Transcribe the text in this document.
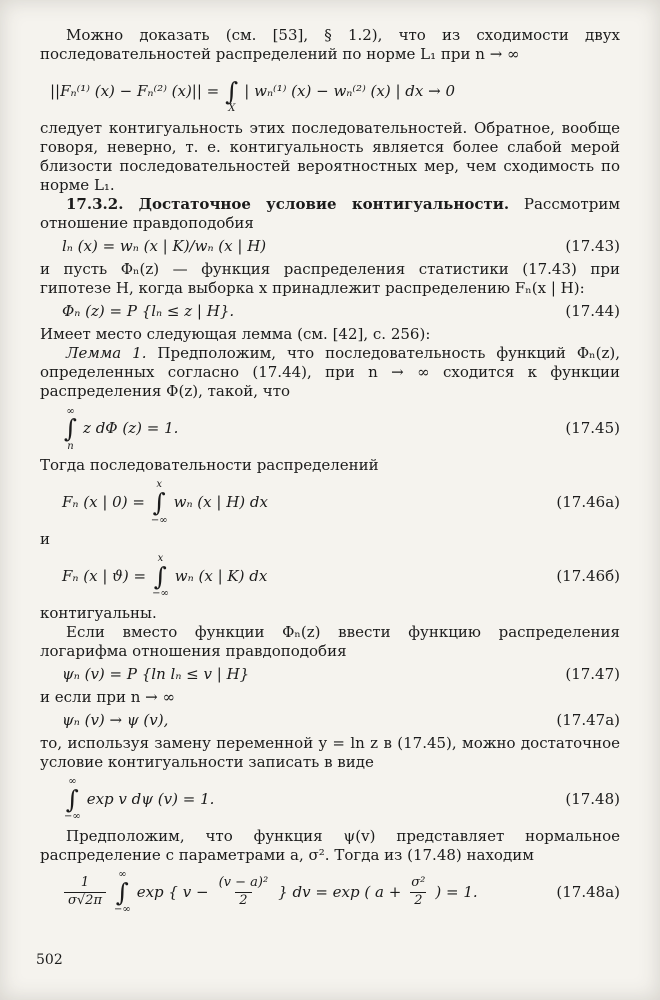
Можно доказать (см. [53], § 1.2), что из сходимости двух последовательностей распределений по норме L₁ при n → ∞

||Fₙ⁽¹⁾ (x) − Fₙ⁽²⁾ (x)|| =
∫
X
| wₙ⁽¹⁾ (x) − wₙ⁽²⁾ (x) | dx → 0

следует контигуальность этих последовательностей. Обратное, вообще говоря, неверно, т. е. контигуальность является более слабой мерой близости последовательностей вероятностных мер, чем сходимость по норме L₁.

17.3.2. Достаточное условие контигуальности. Рассмотрим отношение правдоподобия

lₙ (x) = wₙ (x | K)/wₙ (x | H)	(17.43)

и пусть Φₙ(z) — функция распределения статистики (17.43) при гипотезе H, когда выборка x принадлежит распределению Fₙ(x | H):

Φₙ (z) = P {lₙ ≤ z | H}.	(17.44)

Имеет место следующая лемма (см. [42], с. 256):

Лемма 1. Предположим, что последовательность функций Φₙ(z), определенных согласно (17.44), при n → ∞ сходится к функции распределения Φ(z), такой, что

∞
∫
n
z dΦ (z) = 1.	(17.45)

Тогда последовательности распределений

Fₙ (x | 0) =
x
∫
−∞
wₙ (x | H) dx	(17.46а)

и

Fₙ (x | ϑ) =
x
∫
−∞
wₙ (x | K) dx	(17.46б)

контигуальны.

Если вместо функции Φₙ(z) ввести функцию распределения логарифма отношения правдоподобия

ψₙ (v) = P {ln lₙ ≤ v | H}	(17.47)

и если при n → ∞

ψₙ (v) → ψ (v),	(17.47а)

то, используя замену переменной y = ln z в (17.45), можно достаточное условие контигуальности записать в виде

∞
∫
−∞
exp v dψ (v) = 1.	(17.48)

Предположим, что функция ψ(v) представляет нормальное распределение с параметрами a, σ². Тогда из (17.48) находим

$\frac{1}{\sigma√2\pi}$
∞
∫
−∞
exp { $v - \frac{\text{(v − a)²}}{2}$ } dv = exp ( $a + \frac{\text{σ²}}{2}$ ) = 1.	(17.48а)
502
